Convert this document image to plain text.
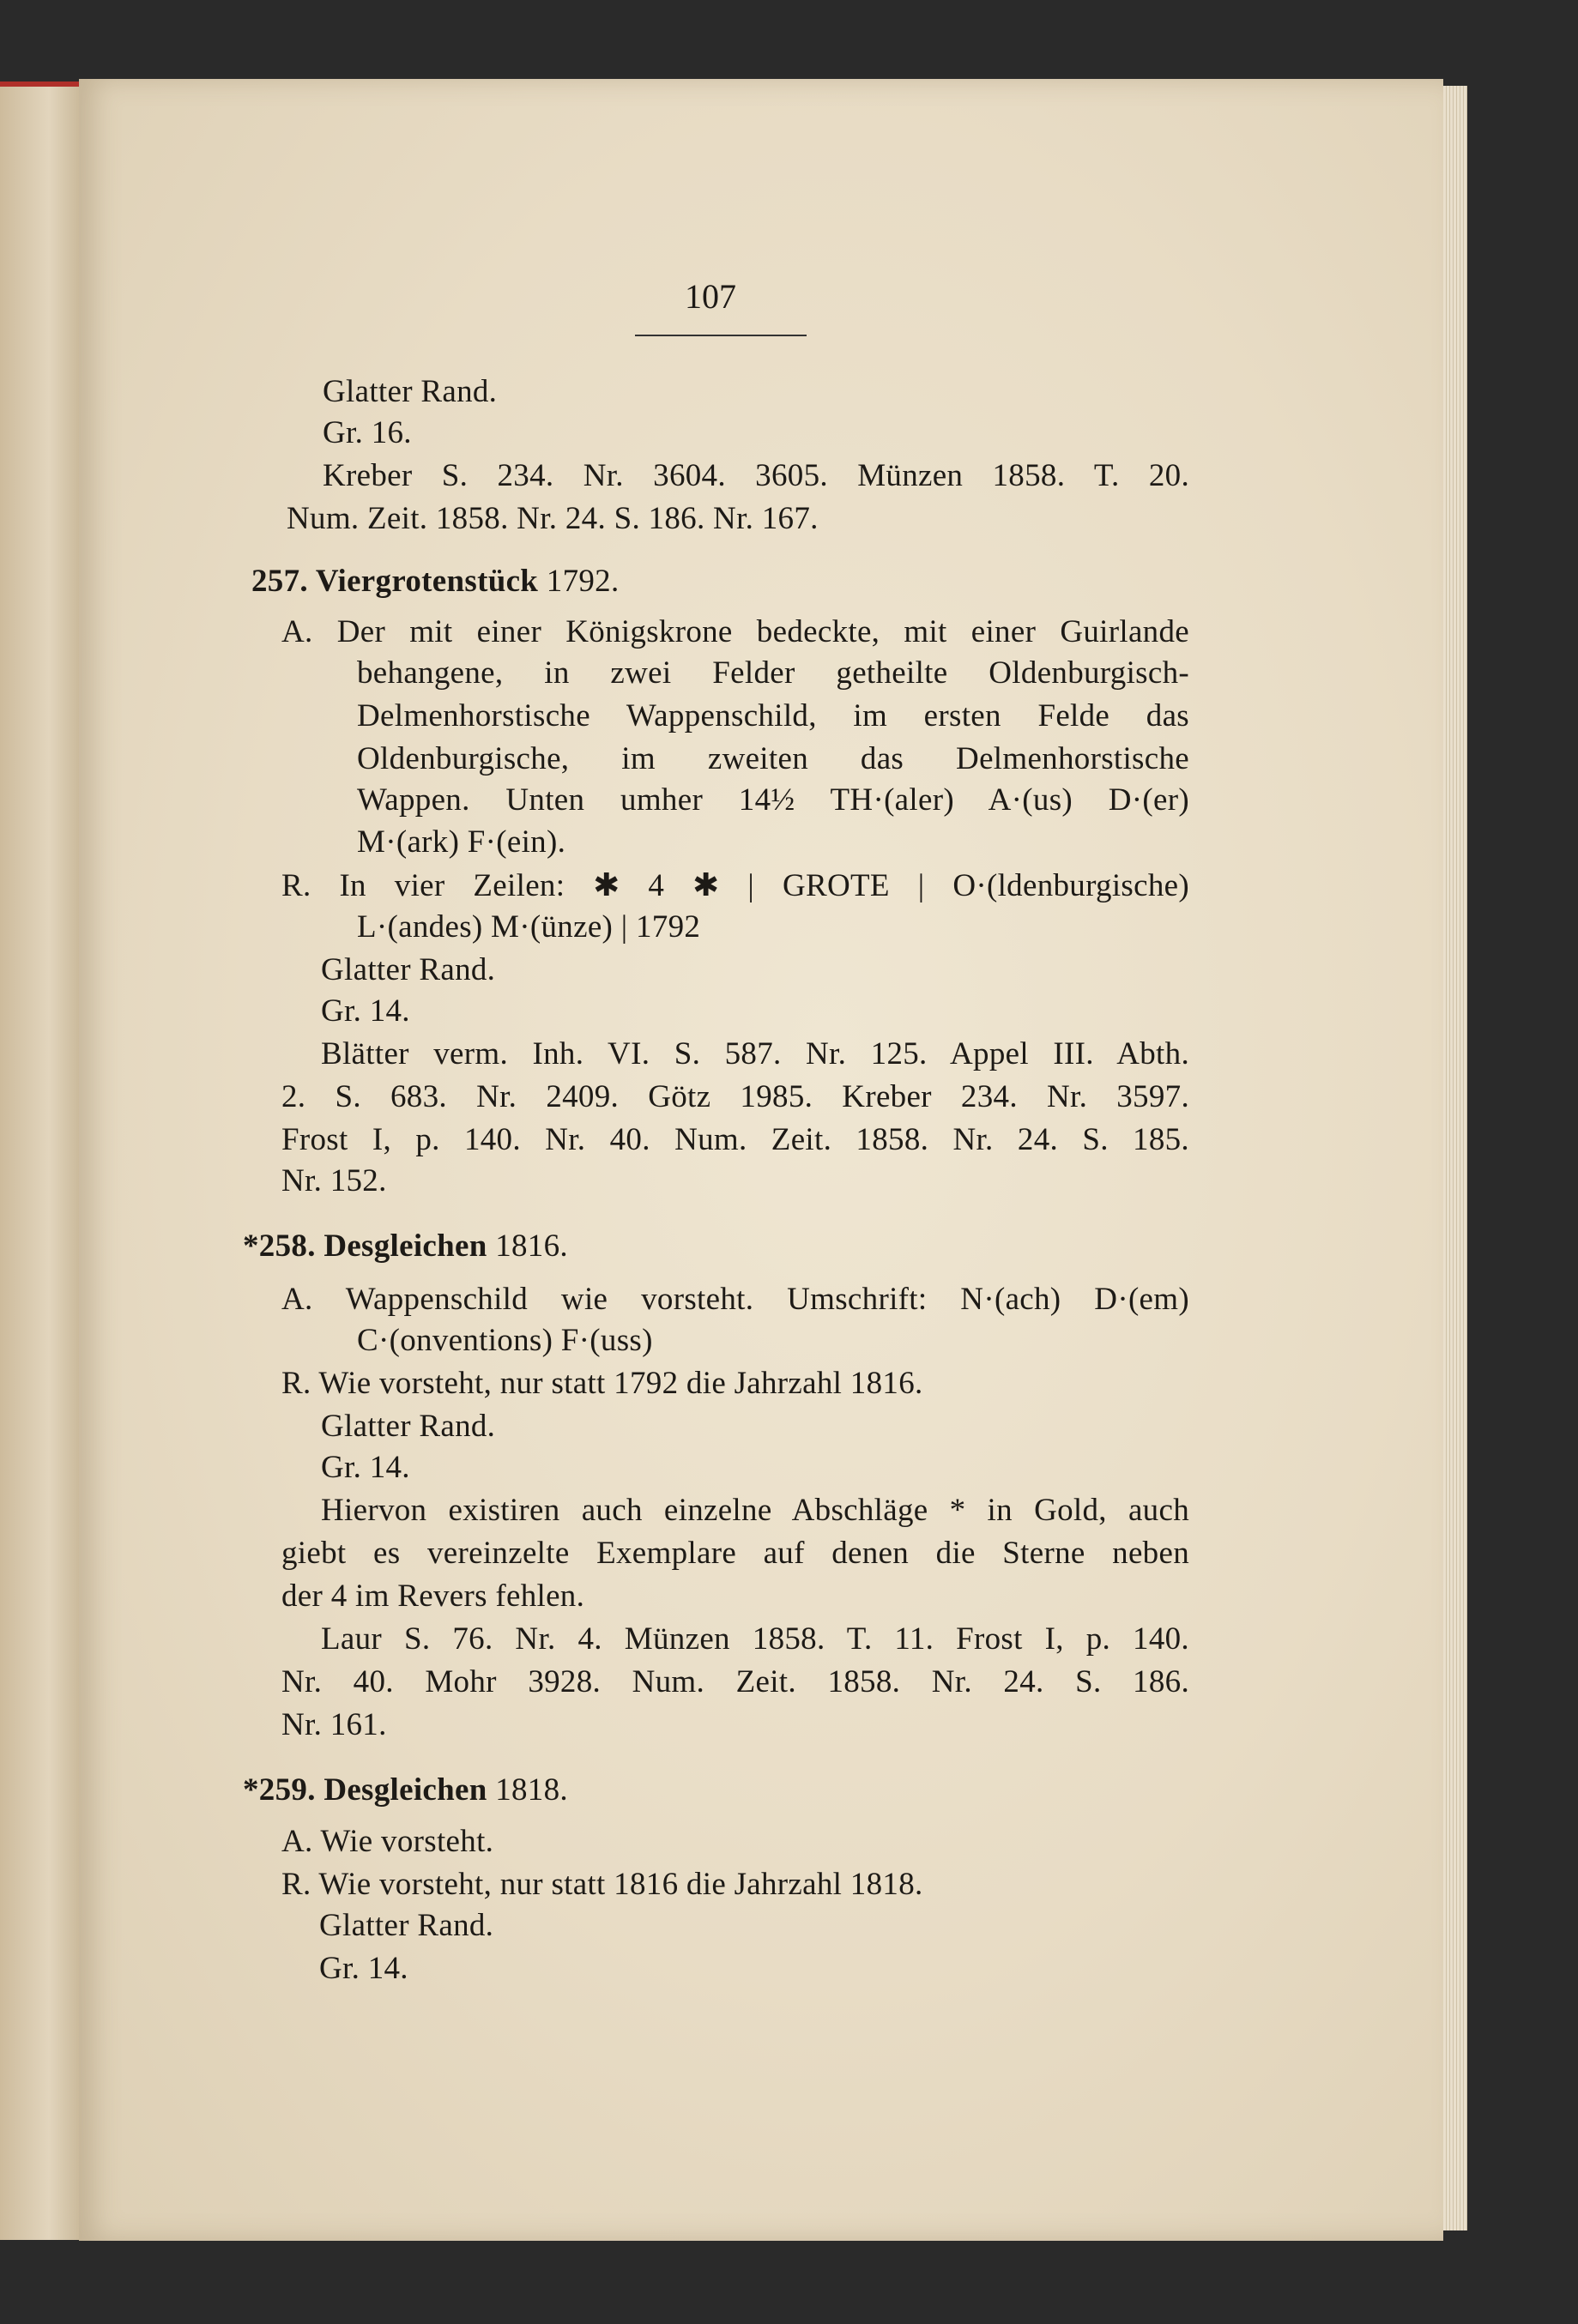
107
Glatter Rand.
Gr. 16.
Kreber S. 234. Nr. 3604. 3605. Münzen 1858. T. 20.
Num. Zeit. 1858. Nr. 24. S. 186. Nr. 167.
257. Viergrotenstück 1792.
A. Der mit einer Königskrone bedeckte, mit einer Guirlande
behangene, in zwei Felder getheilte Oldenburgisch-
Delmenhorstische Wappenschild, im ersten Felde das
Oldenburgische, im zweiten das Delmenhorstische
Wappen. Unten umher 14½ TH·(aler) A·(us) D·(er)
M·(ark) F·(ein).
R. In vier Zeilen: ✱ 4 ✱ | GROTE | O·(ldenburgische)
L·(andes) M·(ünze) | 1792
Glatter Rand.
Gr. 14.
Blätter verm. Inh. VI. S. 587. Nr. 125. Appel III. Abth.
2. S. 683. Nr. 2409. Götz 1985. Kreber 234. Nr. 3597.
Frost I, p. 140. Nr. 40. Num. Zeit. 1858. Nr. 24. S. 185.
Nr. 152.
*258. Desgleichen 1816.
A. Wappenschild wie vorsteht. Umschrift: N·(ach) D·(em)
C·(onventions) F·(uss)
R. Wie vorsteht, nur statt 1792 die Jahrzahl 1816.
Glatter Rand.
Gr. 14.
Hiervon existiren auch einzelne Abschläge * in Gold, auch
giebt es vereinzelte Exemplare auf denen die Sterne neben
der 4 im Revers fehlen.
Laur S. 76. Nr. 4. Münzen 1858. T. 11. Frost I, p. 140.
Nr. 40. Mohr 3928. Num. Zeit. 1858. Nr. 24. S. 186.
Nr. 161.
*259. Desgleichen 1818.
A. Wie vorsteht.
R. Wie vorsteht, nur statt 1816 die Jahrzahl 1818.
Glatter Rand.
Gr. 14.
